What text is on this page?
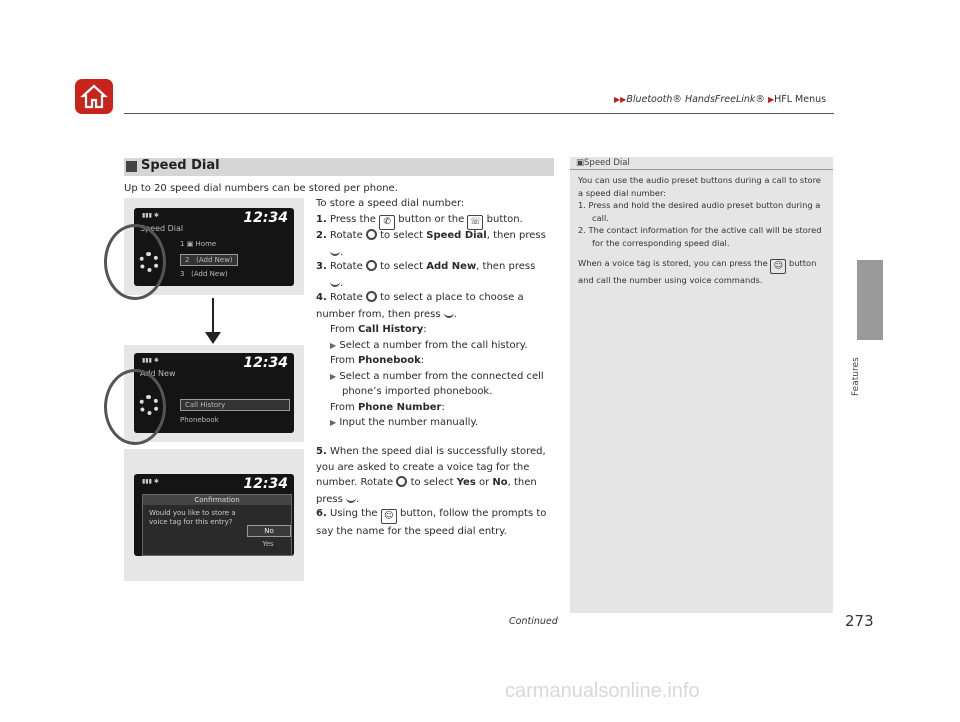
▶▶Bluetooth® HandsFreeLink® ▶HFL Menus
Features
Speed Dial
Up to 20 speed dial numbers can be stored per phone.
To store a speed dial number:
1. Press the ✆ button or the ☏ button.
2. Rotate to select Speed Dial, then press
.
3. Rotate to select Add New, then press
.
4. Rotate to select a place to choose a number from, then press .
From Call History:
▶ Select a number from the call history.
From Phonebook:
▶ Select a number from the connected cell phone’s imported phonebook.
From Phone Number:
▶ Input the number manually.
5. When the speed dial is successfully stored, you are asked to create a voice tag for the number. Rotate to select Yes or No, then press .
6. Using the ☺ button, follow the prompts to say the name for the speed dial entry.
▮▮▮ ✱	12:34
Speed Dial
1 ▣ Home
2 (Add New)
3 (Add New)
▮▮▮ ✱	12:34
Add New
Call History
Phonebook
▮▮▮ ✱	12:34
Confirmation
Would you like to store a voice tag for this entry?
No
Yes
▣Speed Dial
You can use the audio preset buttons during a call to store a speed dial number:
1. Press and hold the desired audio preset button during a call.
2. The contact information for the active call will be stored for the corresponding speed dial.
When a voice tag is stored, you can press the ☺ button and call the number using voice commands.
Continued	273
carmanualsonline.info
